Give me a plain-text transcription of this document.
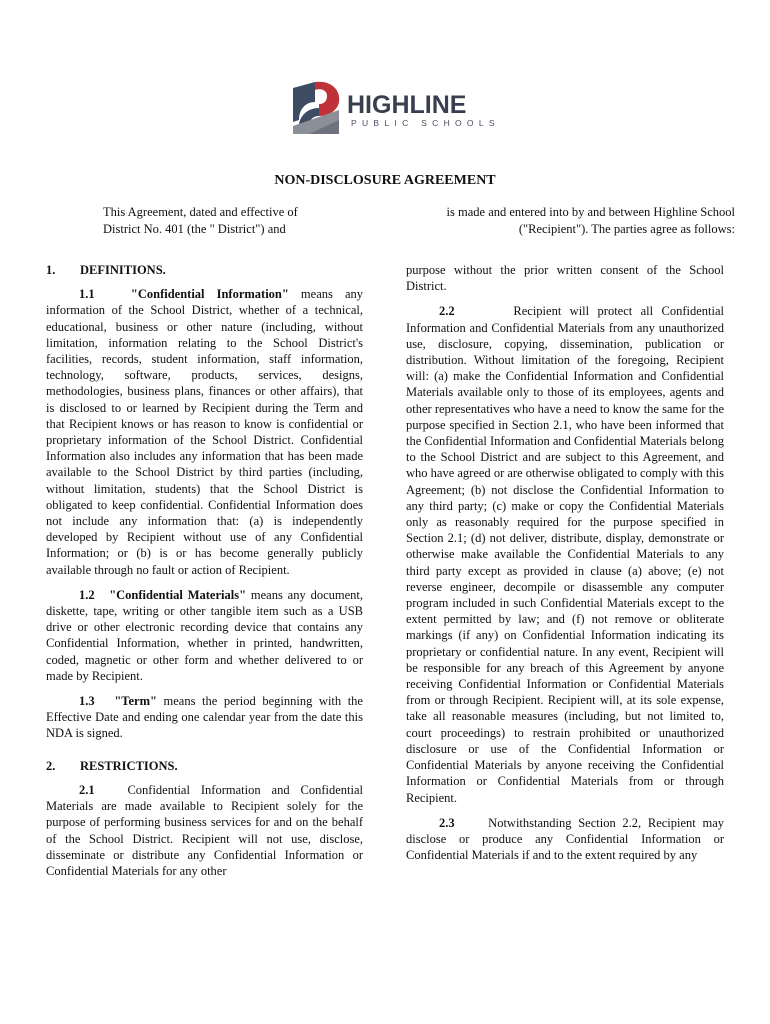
HIGHLINE
PUBLIC SCHOOLS
NON-DISCLOSURE AGREEMENT
This Agreement, dated and effective of
District No. 401 (the " District") and
is made and entered into by and between Highline School
("Recipient"). The parties agree as follows:
1.	DEFINITIONS.

1.1	"Confidential Information" means any information of the School District, whether of a technical, educational, business or other nature (including, without limitation, information relating to the School District's facilities, records, student information, staff information, technology, software, products, services, designs, methodologies, business plans, finances or other affairs), that is disclosed to or learned by Recipient during the Term and that Recipient knows or has reason to know is confidential or proprietary information of the School District. Confidential Information also includes any information that has been made available to the School District by third parties (including, without limitation, students) that the School District is obligated to keep confidential. Confidential Information does not include any information that: (a) is independently developed by Recipient without use of any Confidential Information; or (b) is or has become generally publicly available through no fault or action of Recipient.

1.2 "Confidential Materials" means any document, diskette, tape, writing or other tangible item such as a USB drive or other electronic recording device that contains any Confidential Information, whether in printed, handwritten, coded, magnetic or other form and whether delivered to or made by Recipient.

1.3 "Term" means the period beginning with the Effective Date and ending one calendar year from the date this NDA is signed.

2.	RESTRICTIONS.

2.1   Confidential Information and Confidential Materials are made available to Recipient solely for the purpose of performing business services for and on the behalf of the School District. Recipient will not use, disclose, disseminate or distribute any Confidential Information or Confidential Materials for any other

purpose without the prior written consent of the School District.

2.2	Recipient will protect all Confidential Information and Confidential Materials from any unauthorized use, disclosure, copying, dissemination, publication or distribution. Without limitation of the foregoing, Recipient will: (a) make the Confidential Information and Confidential Materials available only to those of its employees, agents and other representatives who have a need to know the same for the purpose specified in Section 2.1, who have been informed that the Confidential Information and Confidential Materials belong to the School District and are subject to this Agreement, and who have agreed or are otherwise obligated to comply with this Agreement; (b) not disclose the Confidential Information to any third party; (c) make or copy the Confidential Materials only as reasonably required for the purpose specified in Section 2.1; (d) not deliver, distribute, display, demonstrate or otherwise make available the Confidential Materials to any third party except as provided in clause (a) above; (e) not reverse engineer, decompile or disassemble any computer program included in such Confidential Materials except to the extent permitted by law; and (f) not remove or obliterate markings (if any) on Confidential Information indicating its proprietary or confidential nature. In any event, Recipient will be responsible for any breach of this Agreement by anyone receiving Confidential Information or Confidential Materials from or through Recipient. Recipient will, at its sole expense, take all reasonable measures (including, but not limited to, court proceedings) to restrain prohibited or unauthorized disclosure or use of the Confidential Information or Confidential Materials by anyone receiving the Confidential Information or Confidential Materials from or through Recipient.

2.3     Notwithstanding Section 2.2, Recipient may disclose or produce any Confidential Information or Confidential Materials if and to the extent required by any
